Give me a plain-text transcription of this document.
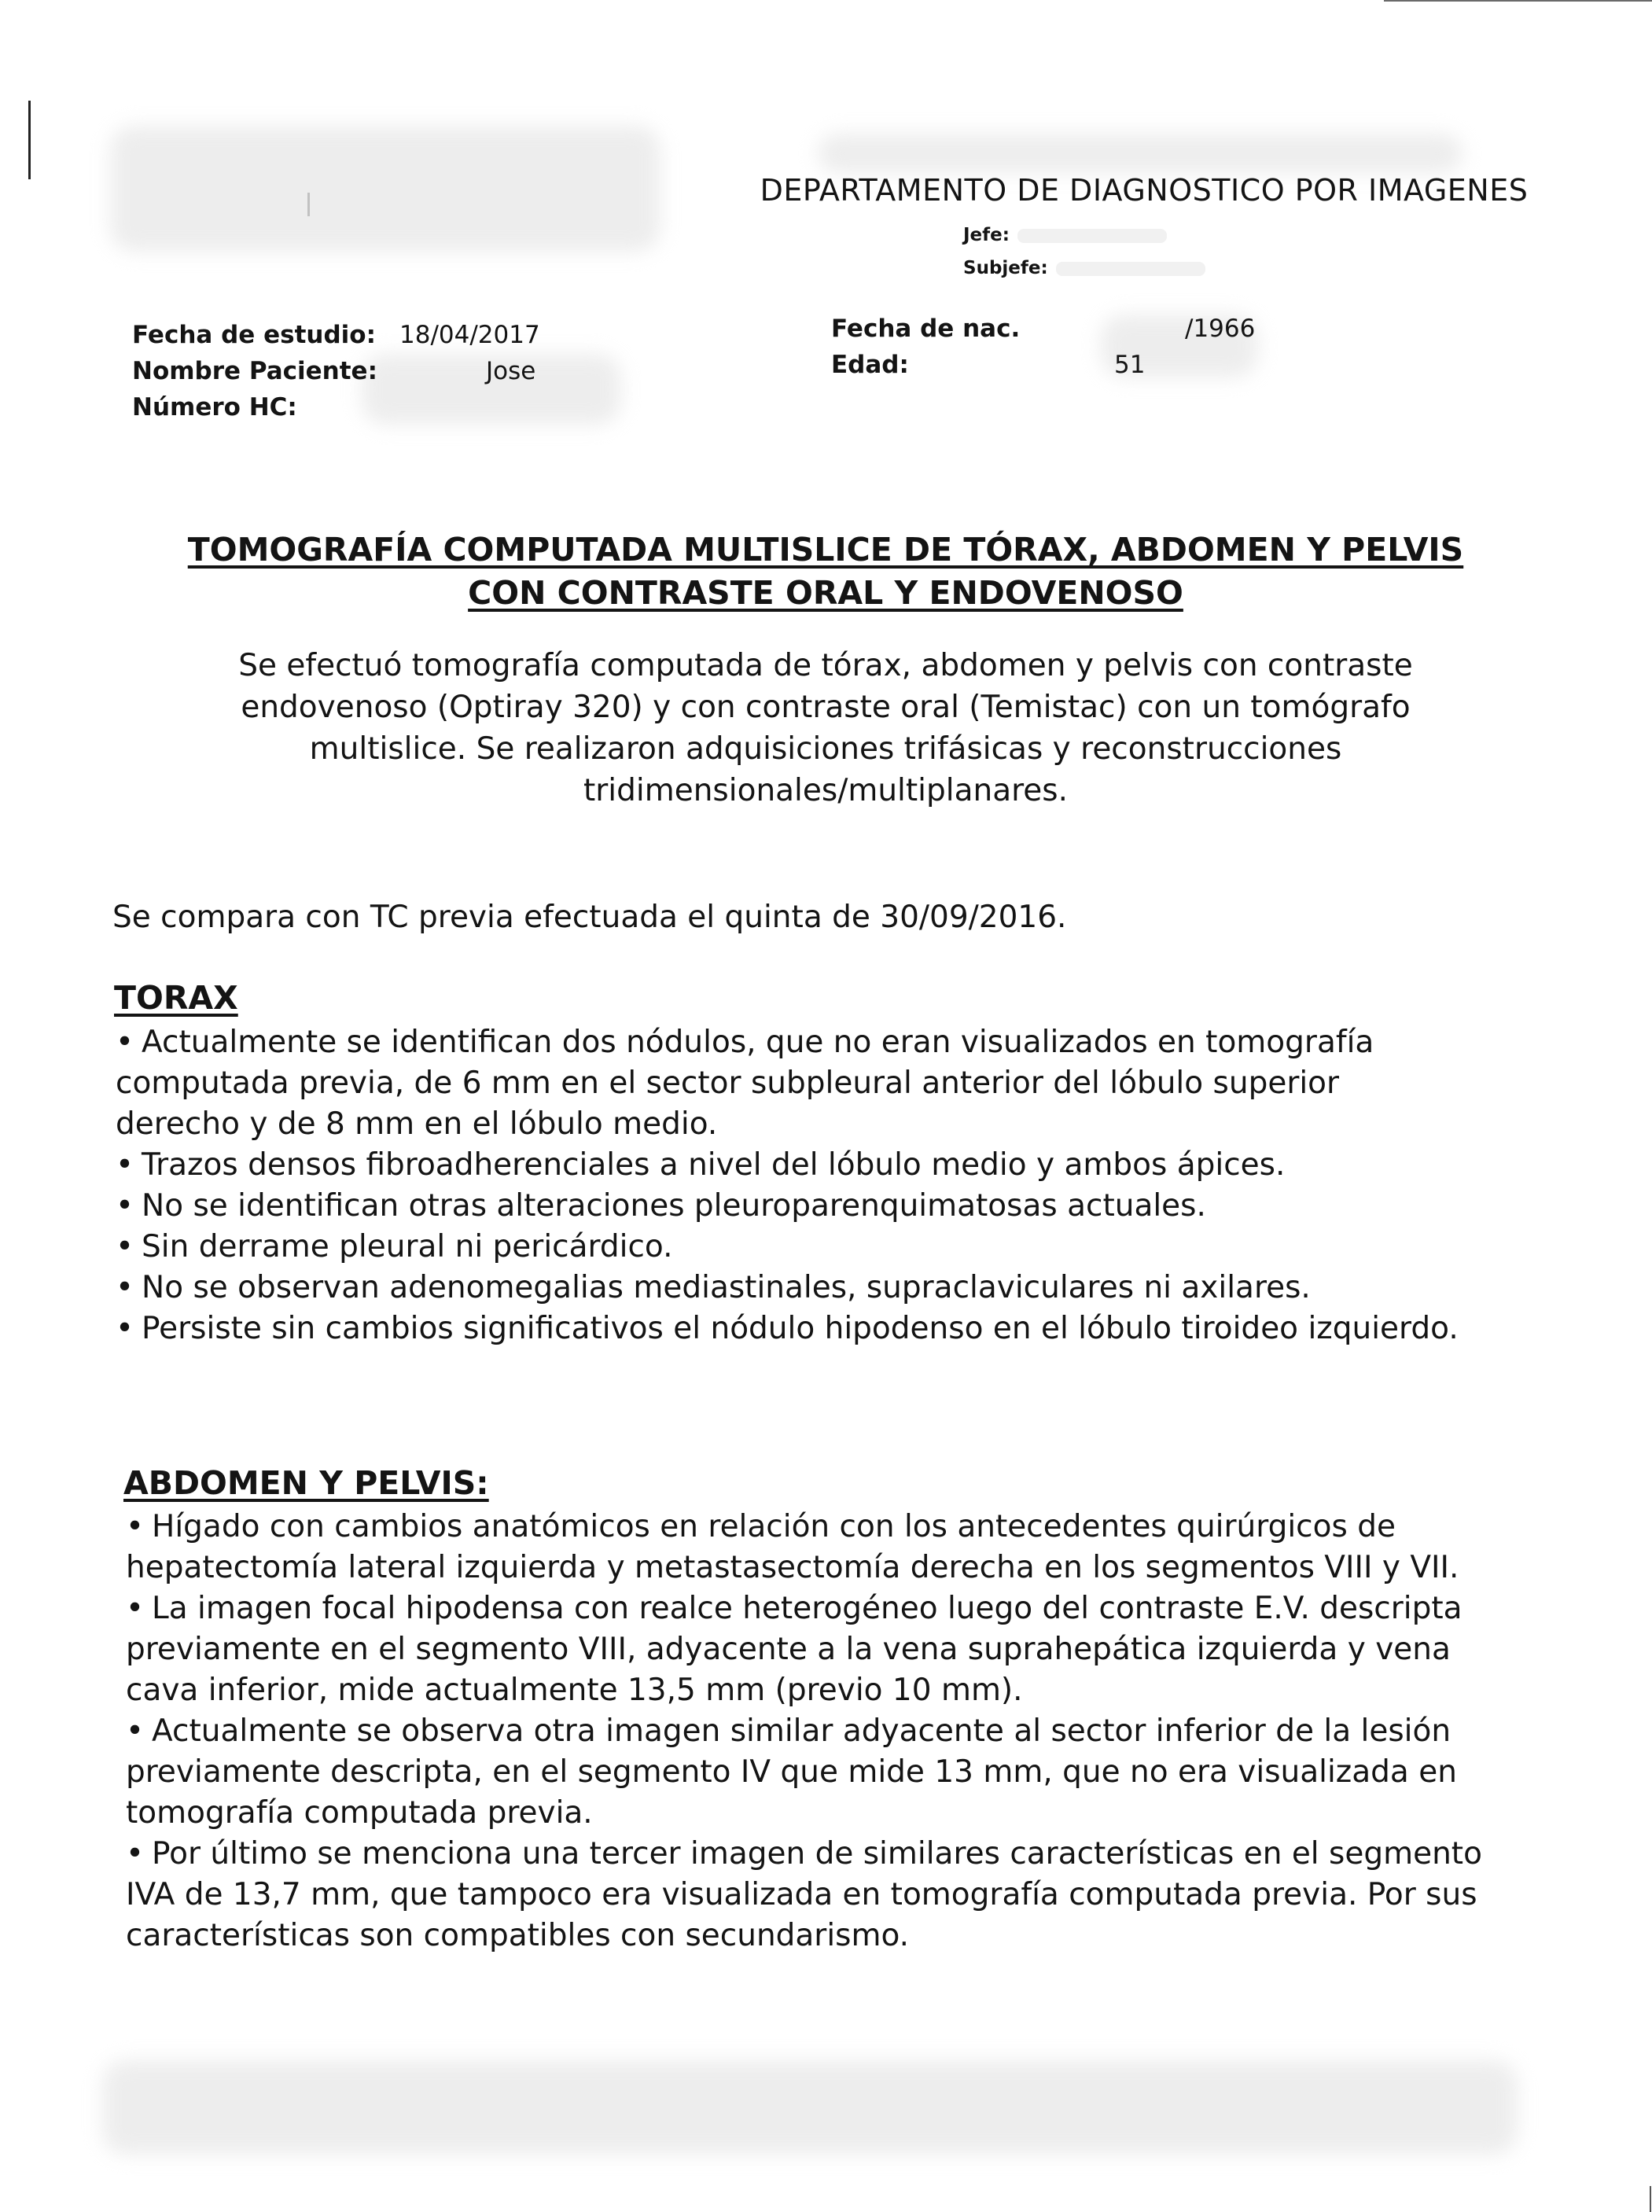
DEPARTAMENTO DE DIAGNOSTICO POR IMAGENES
Jefe:
Subjefe:
Fecha de estudio: 18/04/2017
Nombre Paciente:	Jose
Número HC:
Fecha de nac.	/1966
Edad:	51
TOMOGRAFÍA COMPUTADA MULTISLICE DE TÓRAX, ABDOMEN Y PELVIS
CON CONTRASTE ORAL Y ENDOVENOSO
Se efectuó tomografía computada de tórax, abdomen y pelvis con contraste
endovenoso (Optiray 320) y con contraste oral (Temistac) con un tomógrafo
multislice. Se realizaron adquisiciones trifásicas y reconstrucciones
tridimensionales/multiplanares.
Se compara con TC previa efectuada el quinta de 30/09/2016.
TORAX
• Actualmente se identifican dos nódulos, que no eran visualizados en tomografía computada previa, de 6 mm en el sector subpleural anterior del lóbulo superior derecho y de 8 mm en el lóbulo medio.
• Trazos densos fibroadherenciales a nivel del lóbulo medio y ambos ápices.
• No se identifican otras alteraciones pleuroparenquimatosas actuales.
• Sin derrame pleural ni pericárdico.
• No se observan adenomegalias mediastinales, supraclaviculares ni axilares.
• Persiste sin cambios significativos el nódulo hipodenso en el lóbulo tiroideo izquierdo.
ABDOMEN Y PELVIS:
• Hígado con cambios anatómicos en relación con los antecedentes quirúrgicos de hepatectomía lateral izquierda y metastasectomía derecha en los segmentos VIII y VII.
• La imagen focal hipodensa con realce heterogéneo luego del contraste E.V. descripta previamente en el segmento VIII, adyacente a la vena suprahepática izquierda y vena cava inferior, mide actualmente 13,5 mm (previo 10 mm).
• Actualmente se observa otra imagen similar adyacente al sector inferior de la lesión previamente descripta, en el segmento IV que mide 13 mm, que no era visualizada en tomografía computada previa.
• Por último se menciona una tercer imagen de similares características en el segmento IVA de 13,7 mm, que tampoco era visualizada en tomografía computada previa. Por sus características son compatibles con secundarismo.
